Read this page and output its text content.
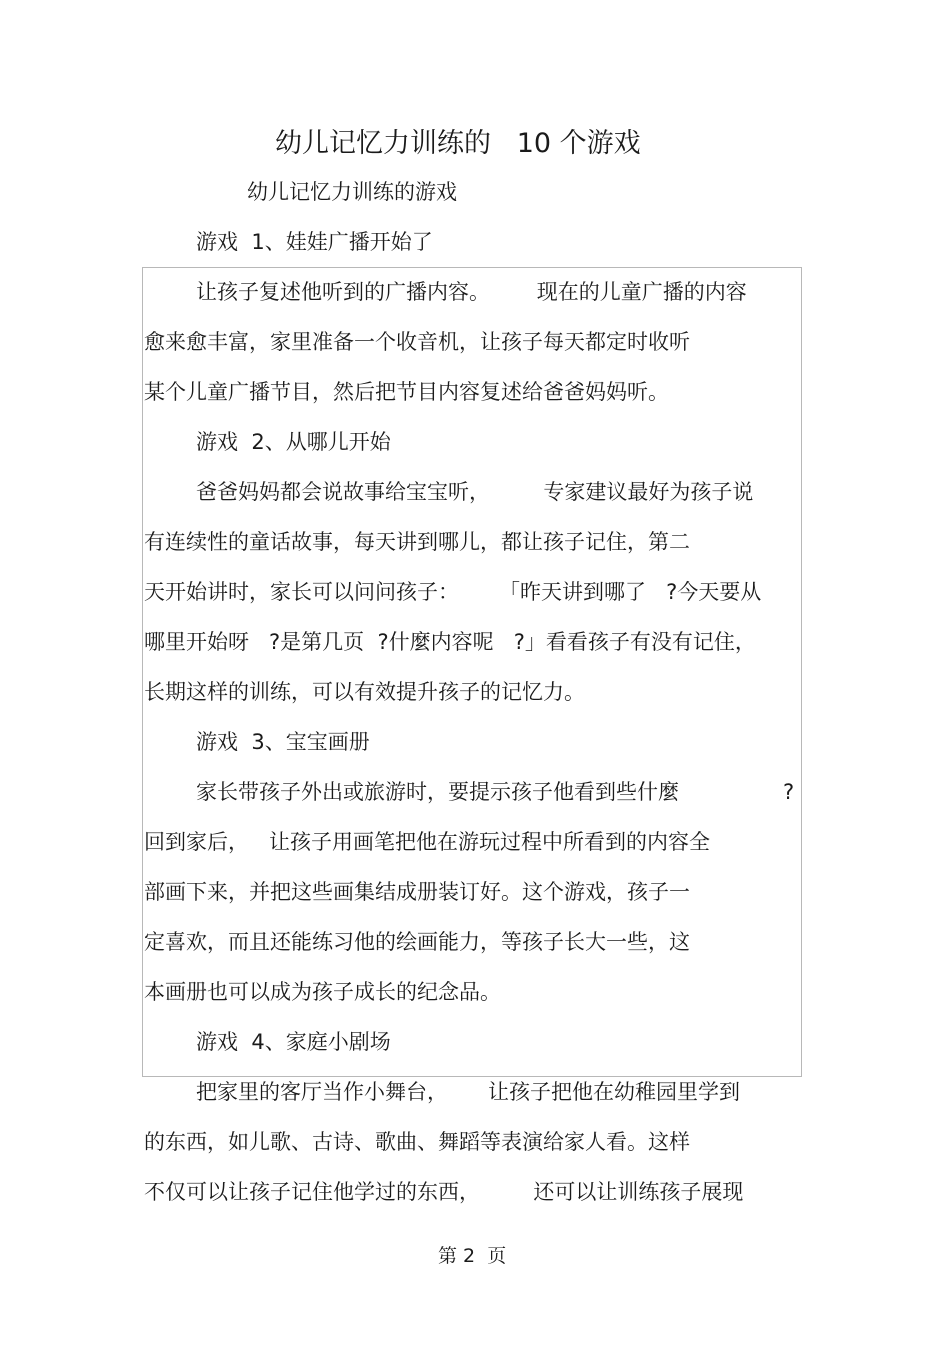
幼儿记忆力训练的   10 个游戏
幼儿记忆力训练的游戏
游戏  1、娃娃广播开始了
让孩子复述他听到的广播内容。       现在的儿童广播的内容
愈来愈丰富，家里准备一个收音机，让孩子每天都定时收听
某个儿童广播节目，然后把节目内容复述给爸爸妈妈听。
游戏  2、从哪儿开始
爸爸妈妈都会说故事给宝宝听，        专家建议最好为孩子说
有连续性的童话故事，每天讲到哪儿，都让孩子记住，第二
天开始讲时，家长可以问问孩子：      「昨天讲到哪了   ?今天要从
哪里开始呀   ?是第几页  ?什麼内容呢   ?」看看孩子有没有记住，
长期这样的训练，可以有效提升孩子的记忆力。
游戏  3、宝宝画册
家长带孩子外出或旅游时，要提示孩子他看到些什麼	?
回到家后，   让孩子用画笔把他在游玩过程中所看到的内容全
部画下来，并把这些画集结成册装订好。这个游戏，孩子一
定喜欢，而且还能练习他的绘画能力，等孩子长大一些，这
本画册也可以成为孩子成长的纪念品。
游戏  4、家庭小剧场
把家里的客厅当作小舞台，      让孩子把他在幼稚园里学到
的东西，如儿歌、古诗、歌曲、舞蹈等表演给家人看。这样
不仅可以让孩子记住他学过的东西，        还可以让训练孩子展现
第 2  页
